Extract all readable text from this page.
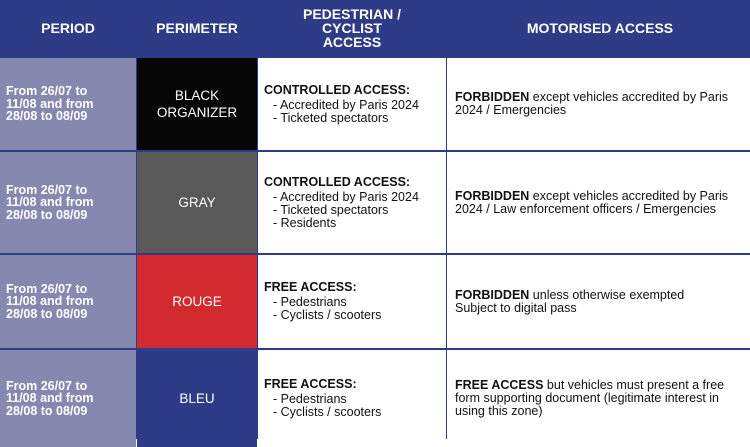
PERIOD	PERIMETER
PEDESTRIAN /
CYCLIST
ACCESS
MOTORISED ACCESS
From 26/07 to
11/08 and from
28/08 to 08/09
BLACK
ORGANIZER
CONTROLLED ACCESS:
- Accredited by Paris 2024
- Ticketed spectators
FORBIDDEN except vehicles accredited by Paris 2024 / Emergencies
From 26/07 to
11/08 and from
28/08 to 08/09
GRAY
CONTROLLED ACCESS:
- Accredited by Paris 2024
- Ticketed spectators
- Residents
FORBIDDEN except vehicles accredited by Paris 2024 / Law enforcement officers / Emergencies
From 26/07 to
11/08 and from
28/08 to 08/09
ROUGE
FREE ACCESS:
- Pedestrians
- Cyclists / scooters
FORBIDDEN unless otherwise exempted
Subject to digital pass
From 26/07 to
11/08 and from
28/08 to 08/09
BLEU
FREE ACCESS:
- Pedestrians
- Cyclists / scooters
FREE ACCESS but vehicles must present a free form supporting document (legitimate interest in using this zone)
